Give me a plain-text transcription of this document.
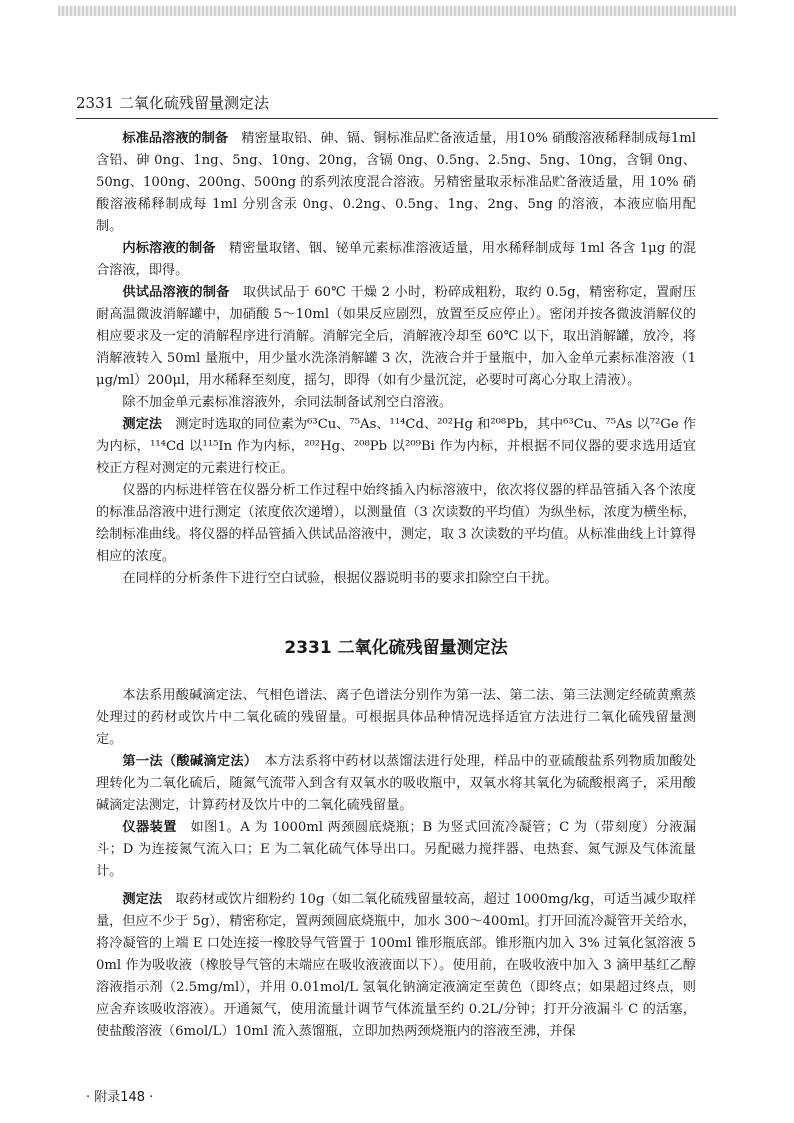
2331 二氧化硫残留量测定法

标准品溶液的制备　 精密量取铅、砷、镉、铜标准品贮备液适量，用10% 硝酸溶液稀释制成每1ml 含铅、砷 0ng、1ng、5ng、10ng、20ng，含镉 0ng、0.5ng、2.5ng、5ng、10ng，含铜 0ng、50ng、100ng、200ng、500ng 的系列浓度混合溶液。另精密量取汞标准品贮备液适量，用 10% 硝酸溶液稀释制成每 1ml 分别含汞 0ng、0.2ng、0.5ng、1ng、2ng、5ng 的溶液，本液应临用配制。

内标溶液的制备　 精密量取锗、铟、铋单元素标准溶液适量，用水稀释制成每 1ml 各含 1μg 的混合溶液，即得。

供试品溶液的制备　 取供试品于 60℃ 干燥 2 小时，粉碎成粗粉，取约 0.5g，精密称定，置耐压耐高温微波消解罐中，加硝酸 5～10ml（如果反应剧烈，放置至反应停止）。密闭并按各微波消解仪的相应要求及一定的消解程序进行消解。消解完全后，消解液冷却至 60℃ 以下，取出消解罐，放冷，将消解液转入 50ml 量瓶中，用少量水洗涤消解罐 3 次，洗液合并于量瓶中，加入金单元素标准溶液（1μg/ml）200μl，用水稀释至刻度，摇匀，即得（如有少量沉淀，必要时可离心分取上清液）。

除不加金单元素标准溶液外，余同法制备试剂空白溶液。

测定法　 测定时选取的同位素为⁶³Cu、⁷⁵As、¹¹⁴Cd、²⁰²Hg 和²⁰⁸Pb，其中⁶³Cu、⁷⁵As 以⁷²Ge 作为内标，¹¹⁴Cd 以¹¹⁵In 作为内标，²⁰²Hg、²⁰⁸Pb 以²⁰⁹Bi 作为内标，并根据不同仪器的要求选用适宜校正方程对测定的元素进行校正。

仪器的内标进样管在仪器分析工作过程中始终插入内标溶液中，依次将仪器的样品管插入各个浓度的标准品溶液中进行测定（浓度依次递增），以测量值（3 次读数的平均值）为纵坐标，浓度为横坐标，绘制标准曲线。将仪器的样品管插入供试品溶液中，测定，取 3 次读数的平均值。从标准曲线上计算得相应的浓度。

在同样的分析条件下进行空白试验，根据仪器说明书的要求扣除空白干扰。

2331 二氧化硫残留量测定法

本法系用酸碱滴定法、气相色谱法、离子色谱法分别作为第一法、第二法、第三法测定经硫黄熏蒸处理过的药材或饮片中二氧化硫的残留量。可根据具体品种情况选择适宜方法进行二氧化硫残留量测定。

第一法（酸碱滴定法）　 本方法系将中药材以蒸馏法进行处理，样品中的亚硫酸盐系列物质加酸处理转化为二氧化硫后，随氮气流带入到含有双氧水的吸收瓶中，双氧水将其氧化为硫酸根离子，采用酸碱滴定法测定，计算药材及饮片中的二氧化硫残留量。

仪器装置　 如图1。A 为 1000ml 两颈圆底烧瓶；B 为竖式回流冷凝管；C 为（带刻度）分液漏斗；D 为连接氮气流入口；E 为二氧化硫气体导出口。另配磁力搅拌器、电热套、氮气源及气体流量计。

测定法　 取药材或饮片细粉约 10g（如二氧化硫残留量较高，超过 1000mg/kg，可适当减少取样量，但应不少于 5g），精密称定，置两颈圆底烧瓶中，加水 300～400ml。打开回流冷凝管开关给水，将冷凝管的上端 E 口处连接一橡胶导气管置于 100ml 锥形瓶底部。锥形瓶内加入 3% 过氧化氢溶液 50ml 作为吸收液（橡胶导气管的末端应在吸收液液面以下）。使用前，在吸收液中加入 3 滴甲基红乙醇溶液指示剂（2.5mg/ml），并用 0.01mol/L 氢氧化钠滴定液滴定至黄色（即终点；如果超过终点，则应舍弃该吸收溶液）。开通氮气，使用流量计调节气体流量至约 0.2L/分钟；打开分液漏斗 C 的活塞，使盐酸溶液（6mol/L）10ml 流入蒸馏瓶，立即加热两颈烧瓶内的溶液至沸，并保

· 附录148 ·
